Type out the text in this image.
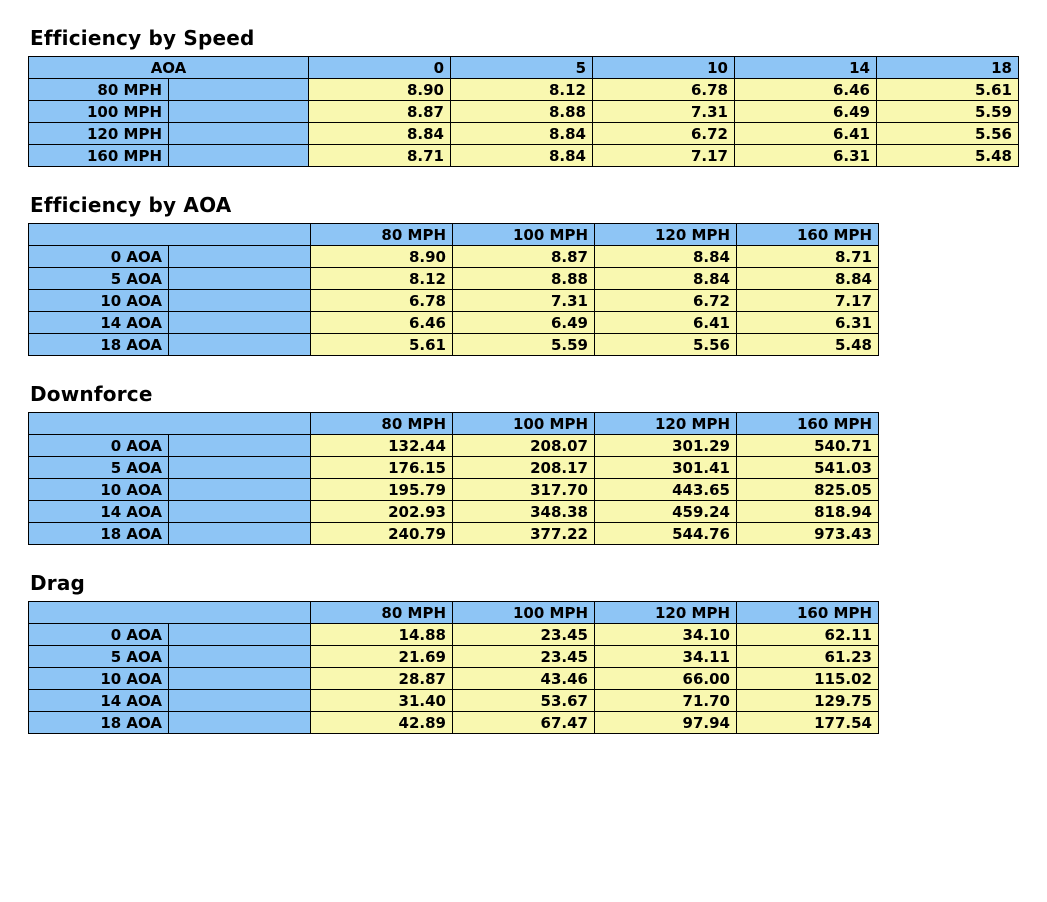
Efficiency by Speed
AOA		0	5	10	14	18
80 MPH		8.90	8.12	6.78	6.46	5.61
100 MPH		8.87	8.88	7.31	6.49	5.59
120 MPH		8.84	8.84	6.72	6.41	5.56
160 MPH		8.71	8.84	7.17	6.31	5.48
Efficiency by AOA
		80 MPH	100 MPH	120 MPH	160 MPH
0 AOA		8.90	8.87	8.84	8.71
5 AOA		8.12	8.88	8.84	8.84
10 AOA		6.78	7.31	6.72	7.17
14 AOA		6.46	6.49	6.41	6.31
18 AOA		5.61	5.59	5.56	5.48
Downforce
		80 MPH	100 MPH	120 MPH	160 MPH
0 AOA		132.44	208.07	301.29	540.71
5 AOA		176.15	208.17	301.41	541.03
10 AOA		195.79	317.70	443.65	825.05
14 AOA		202.93	348.38	459.24	818.94
18 AOA		240.79	377.22	544.76	973.43
Drag
		80 MPH	100 MPH	120 MPH	160 MPH
0 AOA		14.88	23.45	34.10	62.11
5 AOA		21.69	23.45	34.11	61.23
10 AOA		28.87	43.46	66.00	115.02
14 AOA		31.40	53.67	71.70	129.75
18 AOA		42.89	67.47	97.94	177.54
